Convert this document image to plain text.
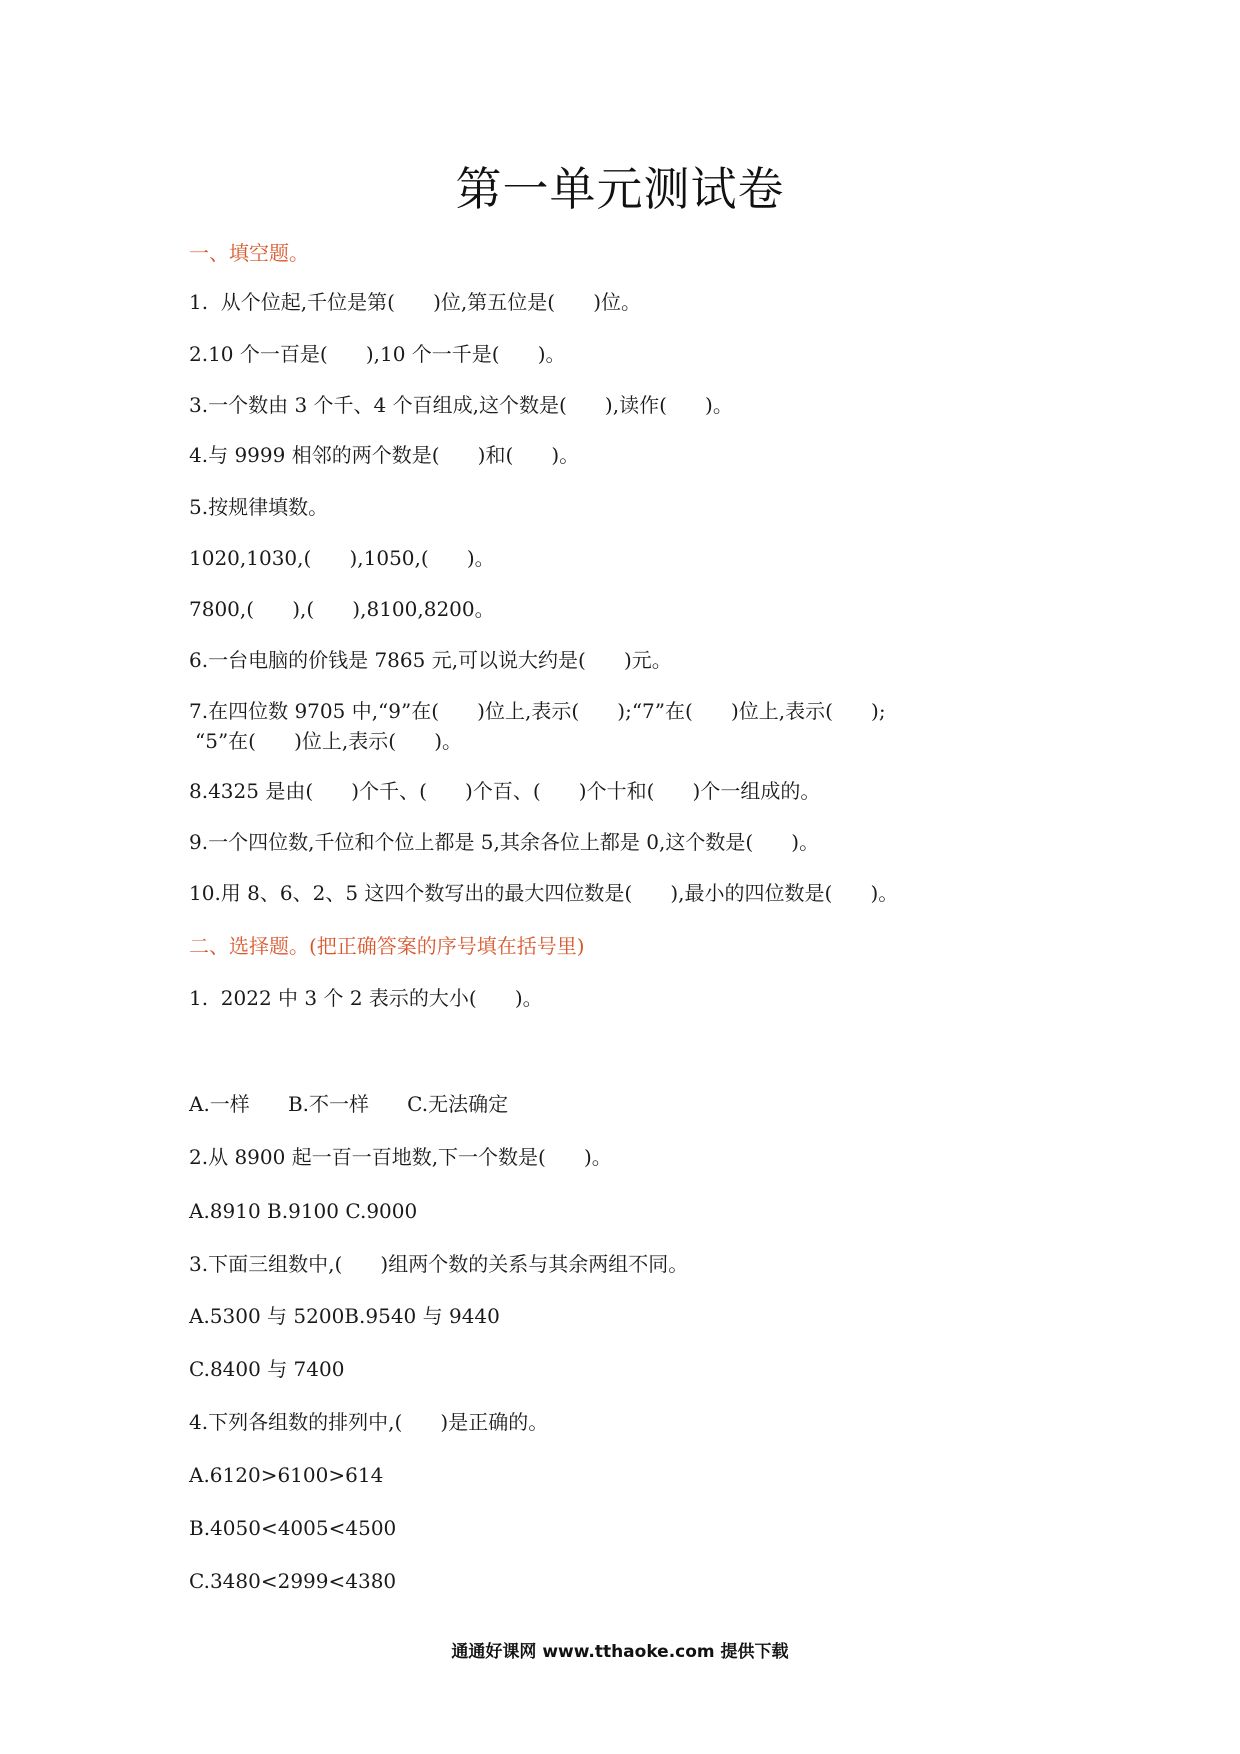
第一单元测试卷
一、填空题。
1.  从个位起,千位是第(      )位,第五位是(      )位。
2.10 个一百是(      ),10 个一千是(      )。
3.一个数由 3 个千、4 个百组成,这个数是(      ),读作(      )。
4.与 9999 相邻的两个数是(      )和(      )。
5.按规律填数。
1020,1030,(      ),1050,(      )。
7800,(      ),(      ),8100,8200。
6.一台电脑的价钱是 7865 元,可以说大约是(      )元。
7.在四位数 9705 中,“9”在(      )位上,表示(      );“7”在(      )位上,表示(      );
“5”在(      )位上,表示(      )。
8.4325 是由(      )个千、(      )个百、(      )个十和(      )个一组成的。
9.一个四位数,千位和个位上都是 5,其余各位上都是 0,这个数是(      )。
10.用 8、6、2、5 这四个数写出的最大四位数是(      ),最小的四位数是(      )。
二、选择题。(把正确答案的序号填在括号里)
1.  2022 中 3 个 2 表示的大小(      )。
A.一样      B.不一样      C.无法确定
2.从 8900 起一百一百地数,下一个数是(      )。
A.8910 B.9100 C.9000
3.下面三组数中,(      )组两个数的关系与其余两组不同。
A.5300 与 5200B.9540 与 9440
C.8400 与 7400
4.下列各组数的排列中,(      )是正确的。
A.6120>6100>614
B.4050<4005<4500
C.3480<2999<4380
通通好课网 www.tthaoke.com 提供下载
